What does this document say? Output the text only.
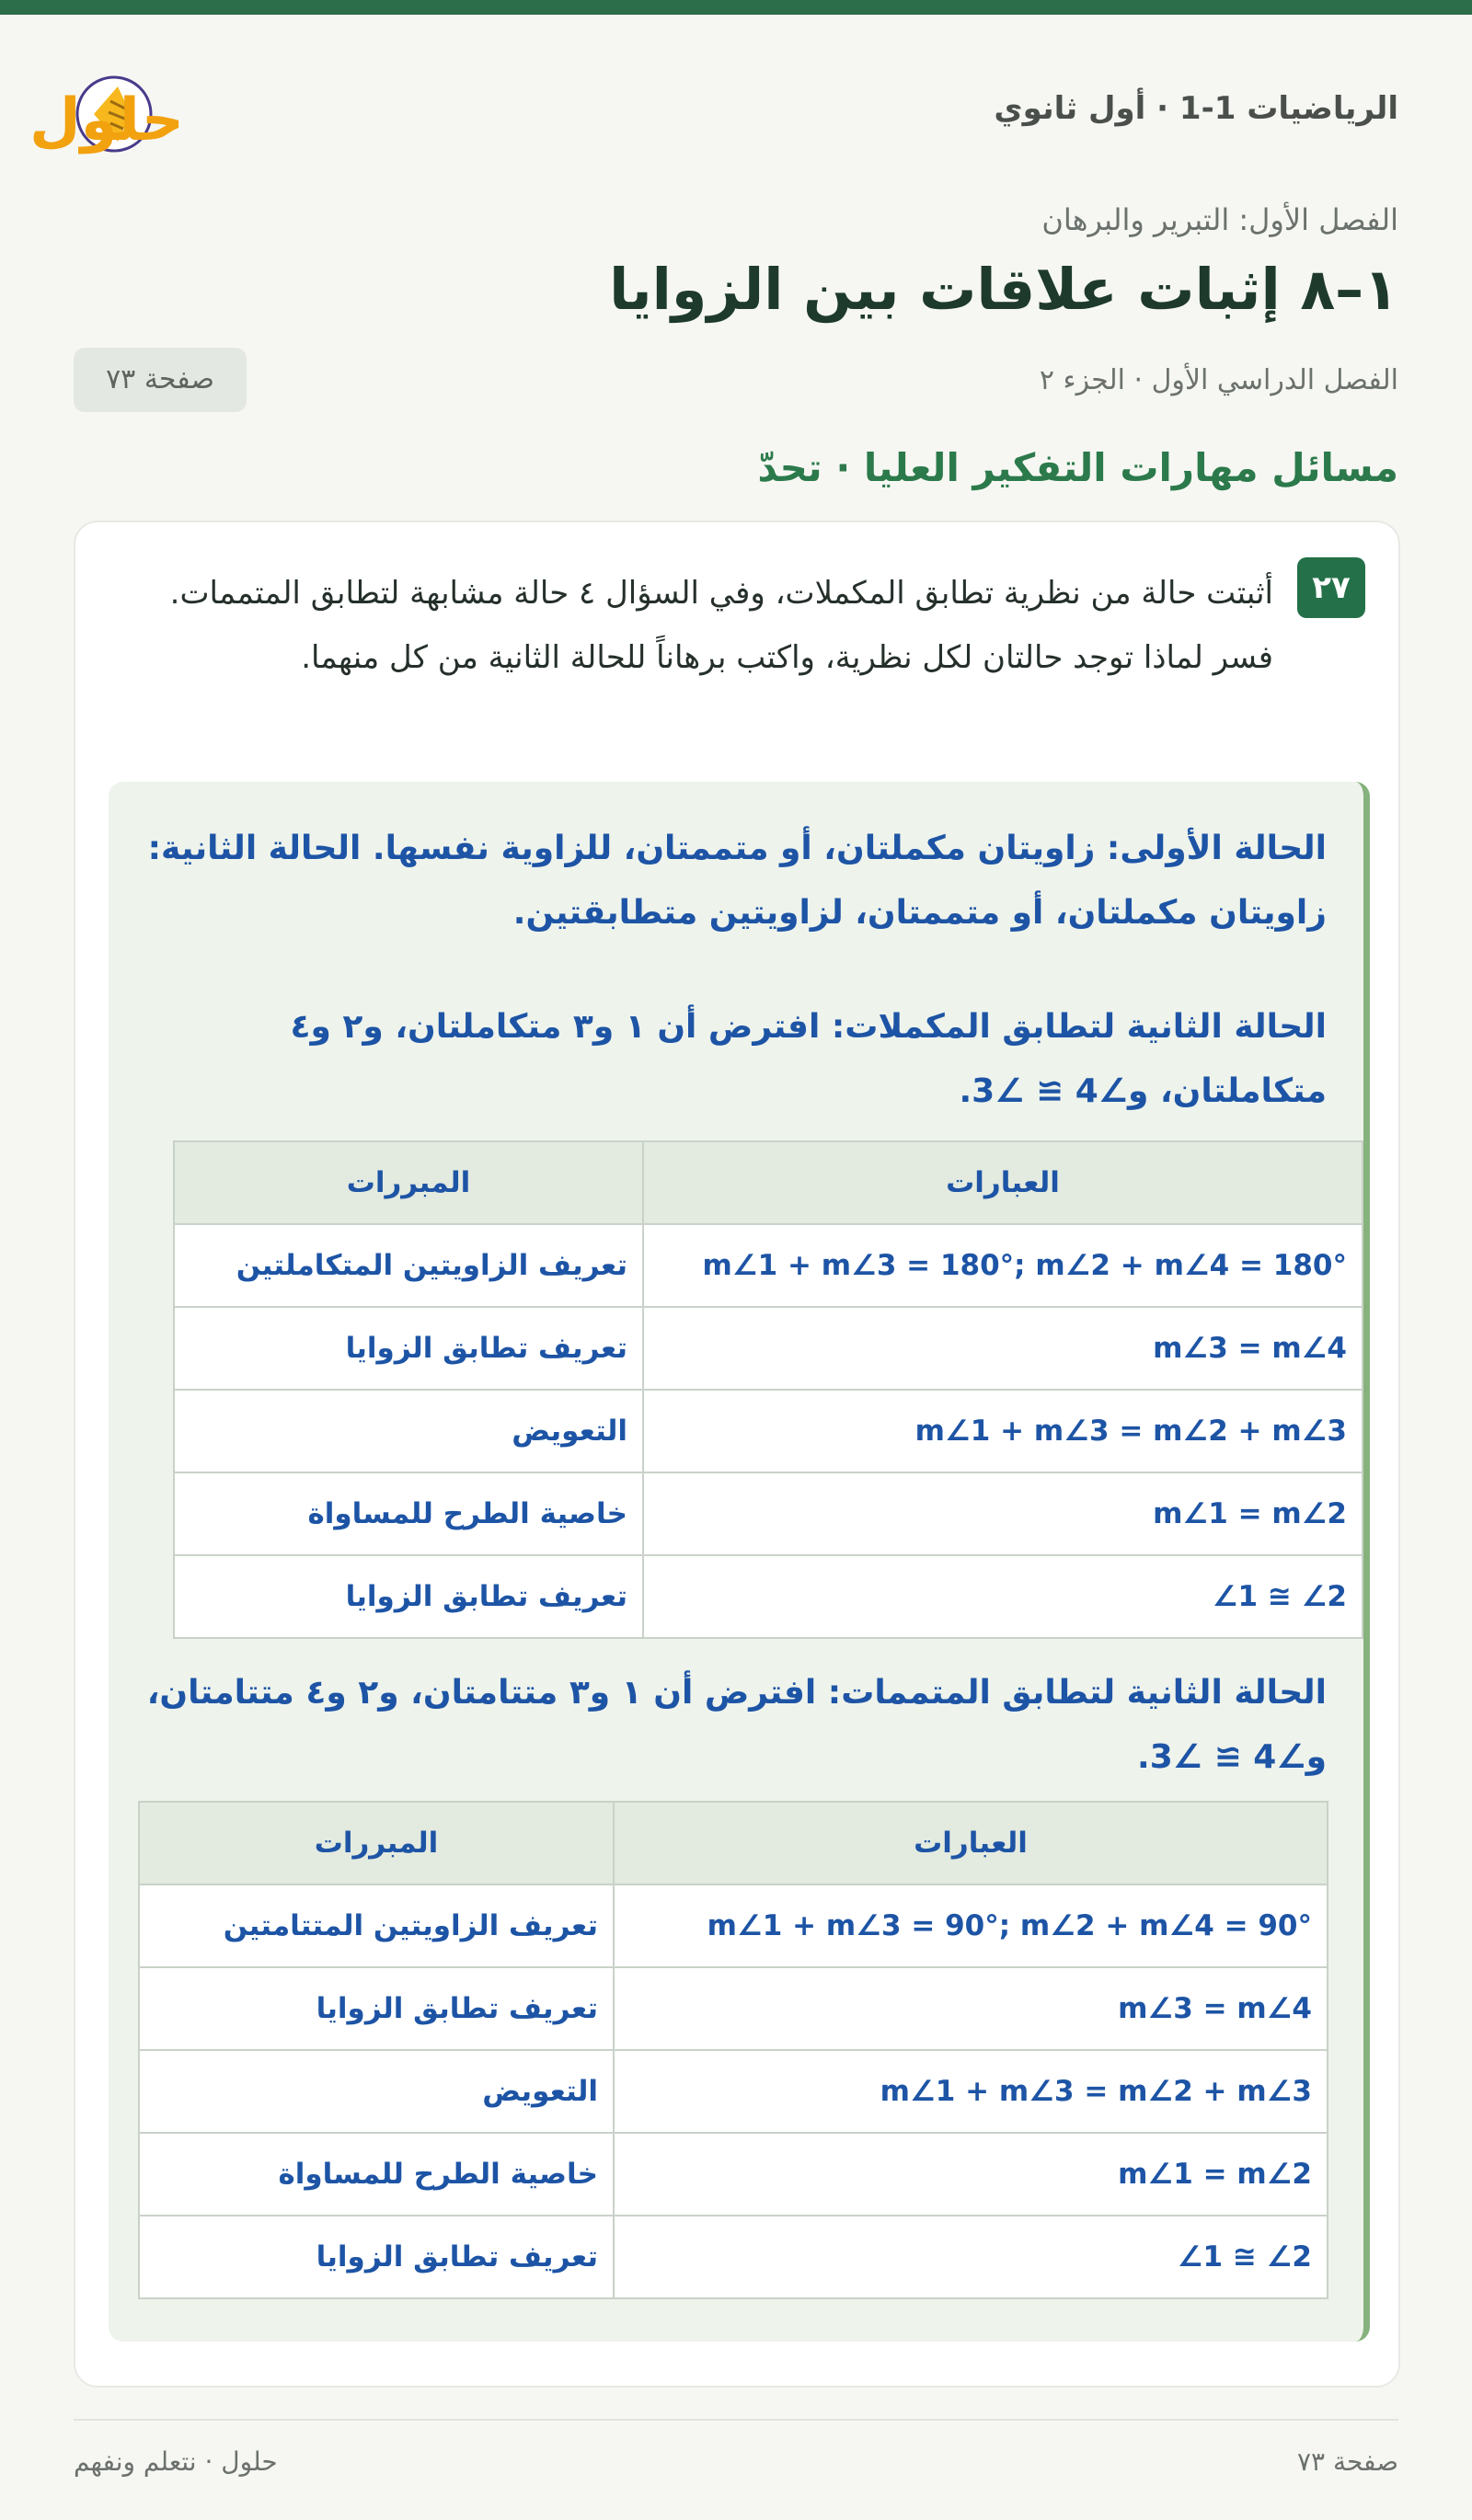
الرياضيات 1-1 · أول ثانوي
حلول
الفصل الأول: التبرير والبرهان
١–٨ إثبات علاقات بين الزوايا
الفصل الدراسي الأول · الجزء ٢
صفحة ٧٣
مسائل مهارات التفكير العليا · تحدّ
٢٧
أثبتت حالة من نظرية تطابق المكملات، وفي السؤال ٤ حالة مشابهة لتطابق المتممات. فسر لماذا توجد حالتان لكل نظرية، واكتب برهاناً للحالة الثانية من كل منهما.
الحالة الأولى: زاويتان مكملتان، أو متممتان، للزاوية نفسها. الحالة الثانية: زاويتان مكملتان، أو متممتان، لزاويتين متطابقتين.
الحالة الثانية لتطابق المكملات: افترض أن ١ و٣ متكاملتان، و٢ و٤ متكاملتان، و∠4 ≅ ∠3.
العبارات	المبررات
m∠1 + m∠3 = 180°; m∠2 + m∠4 = 180°	تعريف الزاويتين المتكاملتين
m∠3 = m∠4	تعريف تطابق الزوايا
m∠1 + m∠3 = m∠2 + m∠3	التعويض
m∠1 = m∠2	خاصية الطرح للمساواة
∠1 ≅ ∠2	تعريف تطابق الزوايا
الحالة الثانية لتطابق المتممات: افترض أن ١ و٣ متتامتان، و٢ و٤ متتامتان، و∠4 ≅ ∠3.
العبارات	المبررات
m∠1 + m∠3 = 90°; m∠2 + m∠4 = 90°	تعريف الزاويتين المتتامتين
m∠3 = m∠4	تعريف تطابق الزوايا
m∠1 + m∠3 = m∠2 + m∠3	التعويض
m∠1 = m∠2	خاصية الطرح للمساواة
∠1 ≅ ∠2	تعريف تطابق الزوايا
صفحة ٧٣
حلول · نتعلم ونفهم
